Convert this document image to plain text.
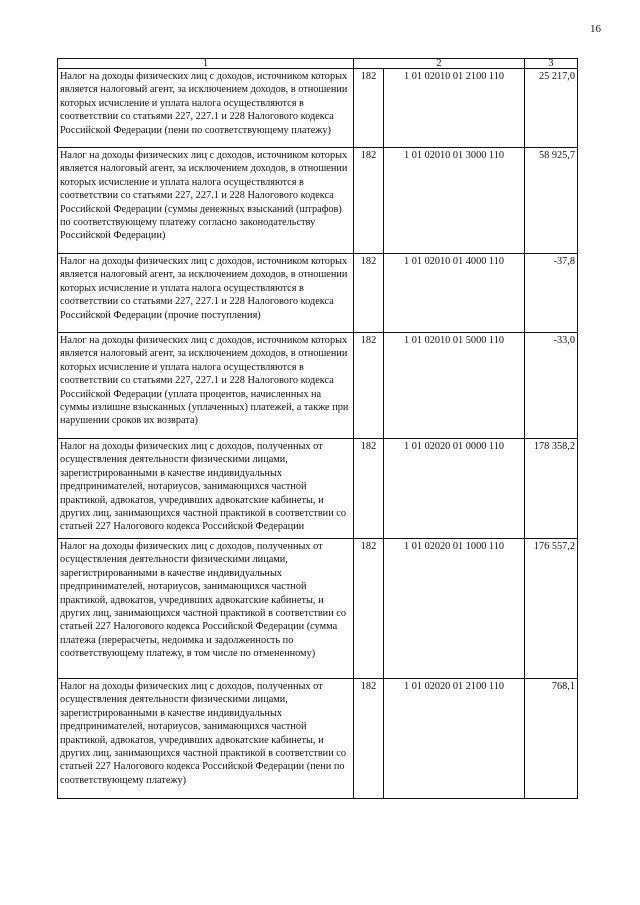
16
1	2		3
Налог на доходы физических лиц с доходов, источником которых является налоговый агент, за исключением доходов, в отношении которых исчисление и уплата налога осуществляются в соответствии со статьями 227, 227.1 и 228 Налогового кодекса Российской Федерации (пени по соответствующему платежу)	182	1 01 02010 01 2100 110	25 217,0
Налог на доходы физических лиц с доходов, источником которых является налоговый агент, за исключением доходов, в отношении которых исчисление и уплата налога осуществляются в соответствии со статьями 227, 227.1 и 228 Налогового кодекса Российской Федерации (суммы денежных взысканий (штрафов) по соответствующему платежу согласно законодательству Российской Федерации)	182	1 01 02010 01 3000 110	58 925,7
Налог на доходы физических лиц с доходов, источником которых является налоговый агент, за исключением доходов, в отношении которых исчисление и уплата налога осуществляются в соответствии со статьями 227, 227.1 и 228 Налогового кодекса Российской Федерации (прочие поступления)	182	1 01 02010 01 4000 110	-37,8
Налог на доходы физических лиц с доходов, источником которых является налоговый агент, за исключением доходов, в отношении которых исчисление и уплата налога осуществляются в соответствии со статьями 227, 227.1 и 228 Налогового кодекса Российской Федерации (уплата процентов, начисленных на суммы излишне взысканных (уплаченных) платежей, а также при нарушении сроков их возврата)	182	1 01 02010 01 5000 110	-33,0
Налог на доходы физических лиц с доходов, полученных от осуществления деятельности физическими лицами, зарегистрированными в качестве индивидуальных предпринимателей, нотариусов, занимающихся частной практикой, адвокатов, учредивших адвокатские кабинеты, и других лиц, занимающихся частной практикой в соответствии со статьей 227 Налогового кодекса Российской Федерации	182	1 01 02020 01 0000 110	178 358,2
Налог на доходы физических лиц с доходов, полученных от осуществления деятельности физическими лицами, зарегистрированными в качестве индивидуальных предпринимателей, нотариусов, занимающихся частной практикой, адвокатов, учредивших адвокатские кабинеты, и других лиц, занимающихся частной практикой в соответствии со статьей 227 Налогового кодекса Российской Федерации (сумма платежа (перерасчеты, недоимка и задолженность по соответствующему платежу, в том числе по отмененному)	182	1 01 02020 01 1000 110	176 557,2
Налог на доходы физических лиц с доходов, полученных от осуществления деятельности физическими лицами, зарегистрированными в качестве индивидуальных предпринимателей, нотариусов, занимающихся частной практикой, адвокатов, учредивших адвокатские кабинеты, и других лиц, занимающихся частной практикой в соответствии со статьей 227 Налогового кодекса Российской Федерации (пени по соответствующему платежу)	182	1 01 02020 01 2100 110	768,1
